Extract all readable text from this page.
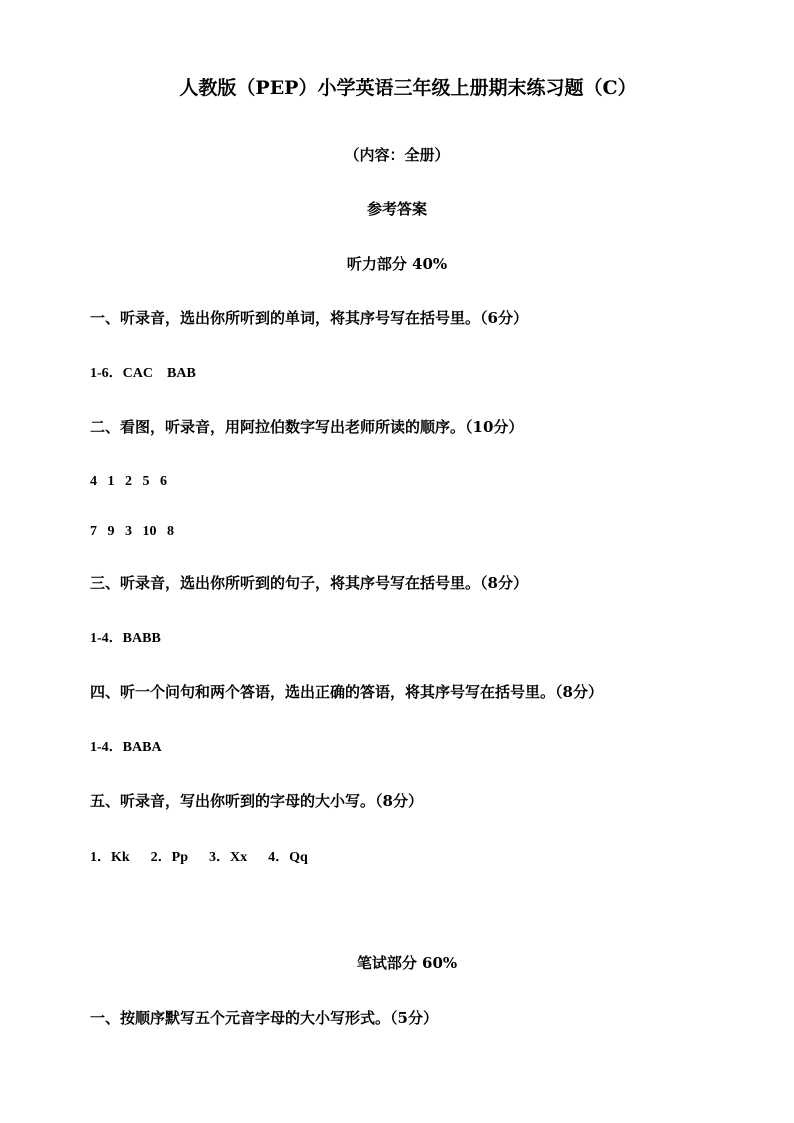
人教版（PEP）小学英语三年级上册期末练习题（C）
（内容：全册）
参考答案
听力部分 40%
一、听录音，选出你所听到的单词，将其序号写在括号里。（6分）
1-6．CAC    BAB
二、看图，听录音，用阿拉伯数字写出老师所读的顺序。（10分）
4   1   2   5   6
7   9   3   10   8
三、听录音，选出你所听到的句子，将其序号写在括号里。（8分）
1-4．BABB
四、听一个问句和两个答语，选出正确的答语，将其序号写在括号里。（8分）
1-4．BABA
五、听录音，写出你听到的字母的大小写。（8分）
1．Kk      2．Pp      3．Xx      4．Qq
笔试部分 60%
一、按顺序默写五个元音字母的大小写形式。（5分）
